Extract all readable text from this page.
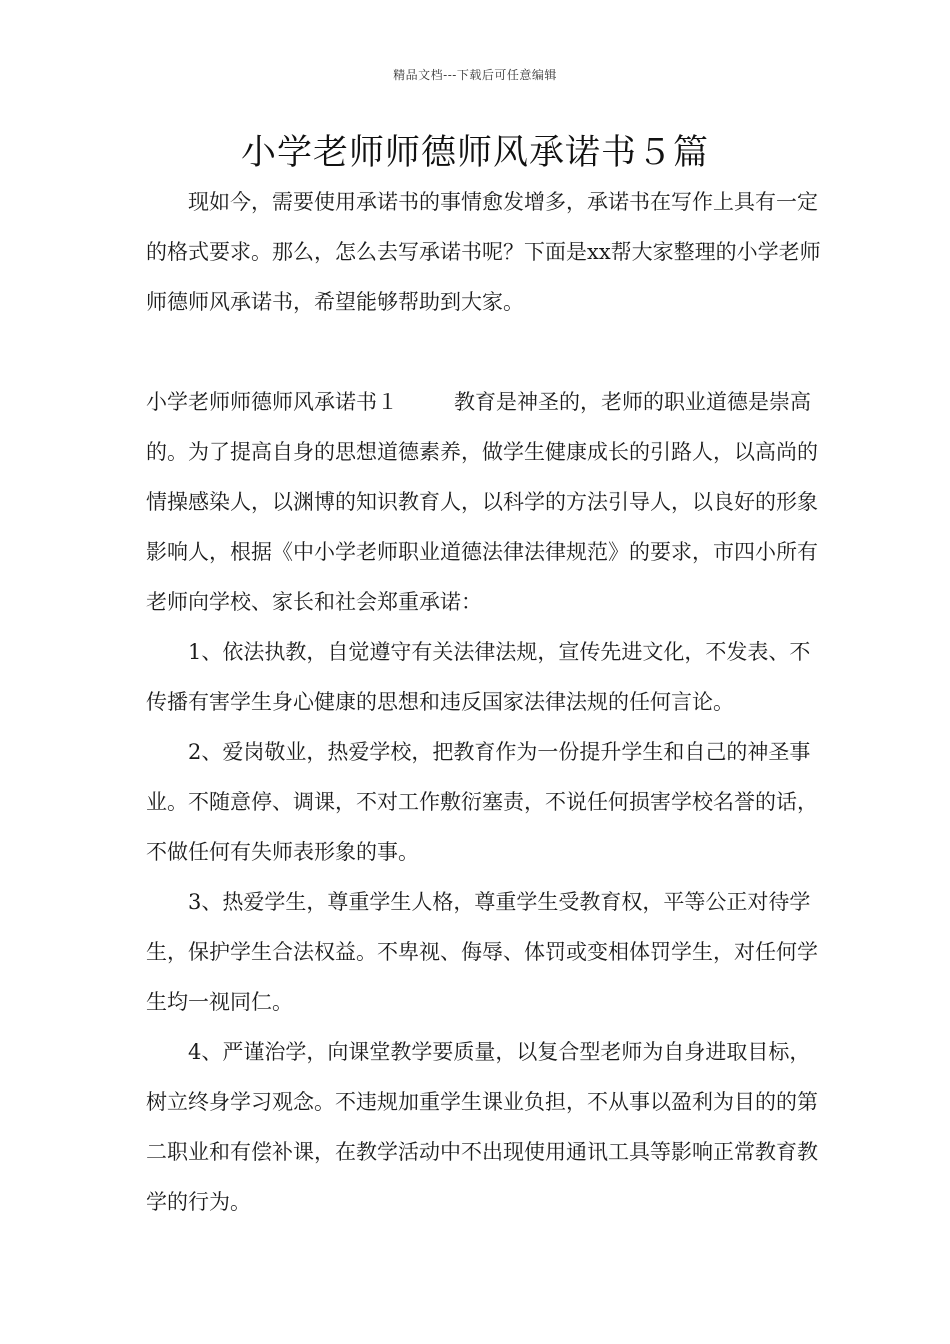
精品文档---下载后可任意编辑
小学老师师德师风承诺书５篇

现如今，需要使用承诺书的事情愈发增多，承诺书在写作上具有一定的格式要求。那么，怎么去写承诺书呢？下面是xx帮大家整理的小学老师师德师风承诺书，希望能够帮助到大家。

小学老师师德师风承诺书１	教育是神圣的，老师的职业道德是崇高的。为了提高自身的思想道德素养，做学生健康成长的引路人，以高尚的情操感染人，以渊博的知识教育人，以科学的方法引导人，以良好的形象影响人，根据《中小学老师职业道德法律法律规范》的要求，市四小所有老师向学校、家长和社会郑重承诺：

1、依法执教，自觉遵守有关法律法规，宣传先进文化，不发表、不传播有害学生身心健康的思想和违反国家法律法规的任何言论。

2、爱岗敬业，热爱学校，把教育作为一份提升学生和自己的神圣事业。不随意停、调课，不对工作敷衍塞责，不说任何损害学校名誉的话，不做任何有失师表形象的事。

3、热爱学生，尊重学生人格，尊重学生受教育权，平等公正对待学生，保护学生合法权益。不卑视、侮辱、体罚或变相体罚学生，对任何学生均一视同仁。

4、严谨治学，向课堂教学要质量，以复合型老师为自身进取目标，树立终身学习观念。不违规加重学生课业负担，不从事以盈利为目的的第二职业和有偿补课，在教学活动中不出现使用通讯工具等影响正常教育教学的行为。
